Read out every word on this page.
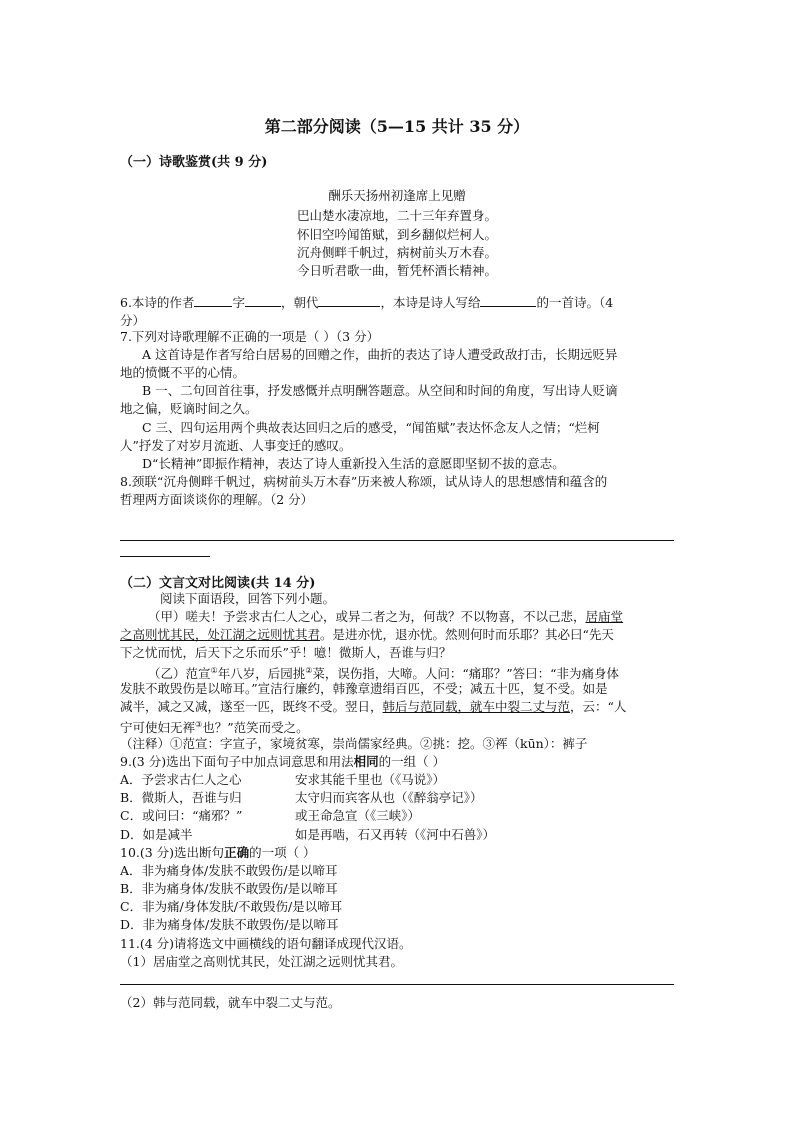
第二部分阅读（5—15 共计 35 分）
（一）诗歌鉴赏(共 9 分)
酬乐天扬州初逢席上见赠
巴山楚水凄凉地，二十三年弃置身。
怀旧空吟闻笛赋，到乡翻似烂柯人。
沉舟侧畔千帆过，病树前头万木春。
今日听君歌一曲，暂凭杯酒长精神。
6.本诗的作者	字	，朝代	，本诗是诗人写给	的一首诗。（4
分）
7.下列对诗歌理解不正确的一项是（ ）（3 分）
A 这首诗是作者写给白居易的回赠之作，曲折的表达了诗人遭受政敌打击，长期远贬异
地的愤慨不平的心情。
B 一、二句回首往事，抒发感慨并点明酬答题意。从空间和时间的角度，写出诗人贬谪
地之偏，贬谪时间之久。
C 三、四句运用两个典故表达回归之后的感受，“闻笛赋”表达怀念友人之情；“烂柯
人”抒发了对岁月流逝、人事变迁的感叹。
D“长精神”即振作精神，表达了诗人重新投入生活的意愿即坚韧不拔的意志。
8.颈联“沉舟侧畔千帆过，病树前头万木春”历来被人称颂，试从诗人的思想感情和蕴含的
哲理两方面谈谈你的理解。（2 分）
（二）文言文对比阅读(共 14 分)
阅读下面语段，回答下列小题。
（甲）嗟夫！予尝求古仁人之心，或异二者之为，何哉？不以物喜，不以己悲，居庙堂
之高则忧其民，处江湖之远则忧其君。是进亦忧，退亦忧。然则何时而乐耶？其必曰“先天
下之忧而忧，后天下之乐而乐”乎！噫！微斯人，吾谁与归？
（乙）范宣①年八岁，后园挑②菜，误伤指，大啼。人问：“痛耶？”答曰：“非为痛身体
发肤不敢毁伤是以啼耳。”宣洁行廉约，韩豫章遗绢百匹，不受；减五十匹，复不受。如是
减半，减之又减，遂至一匹，既终不受。翌日，韩后与范同载，就车中裂二丈与范，云：“人
宁可使妇无裈③也？”范笑而受之。
（注释）①范宣：字宣子，家境贫寒，崇尚儒家经典。②挑：挖。③裈（kūn）：裤子
9.(3 分)选出下面句子中加点词意思和用法相同的一组（ ）
A．予尝求古仁人之心	安求其能千里也（《马说》）
B．微斯人，吾谁与归	太守归而宾客从也（《醉翁亭记》）
C．或问曰：“痛邪？”	或王命急宣（《三峡》）
D．如是减半	如是再啮，石又再转（《河中石兽》）
10.(3 分)选出断句正确的一项（ ）
A．非为痛身体/发肤不敢毁伤/是以啼耳
B．非为痛身体/发肤不敢毁伤/是以啼耳
C．非为痛/身体发肤/不敢毁伤/是以啼耳
D．非为痛身体/发肤不敢毁伤/是以啼耳
11.(4 分)请将选文中画横线的语句翻译成现代汉语。
（1）居庙堂之高则忧其民，处江湖之远则忧其君。
（2）韩与范同载，就车中裂二丈与范。
